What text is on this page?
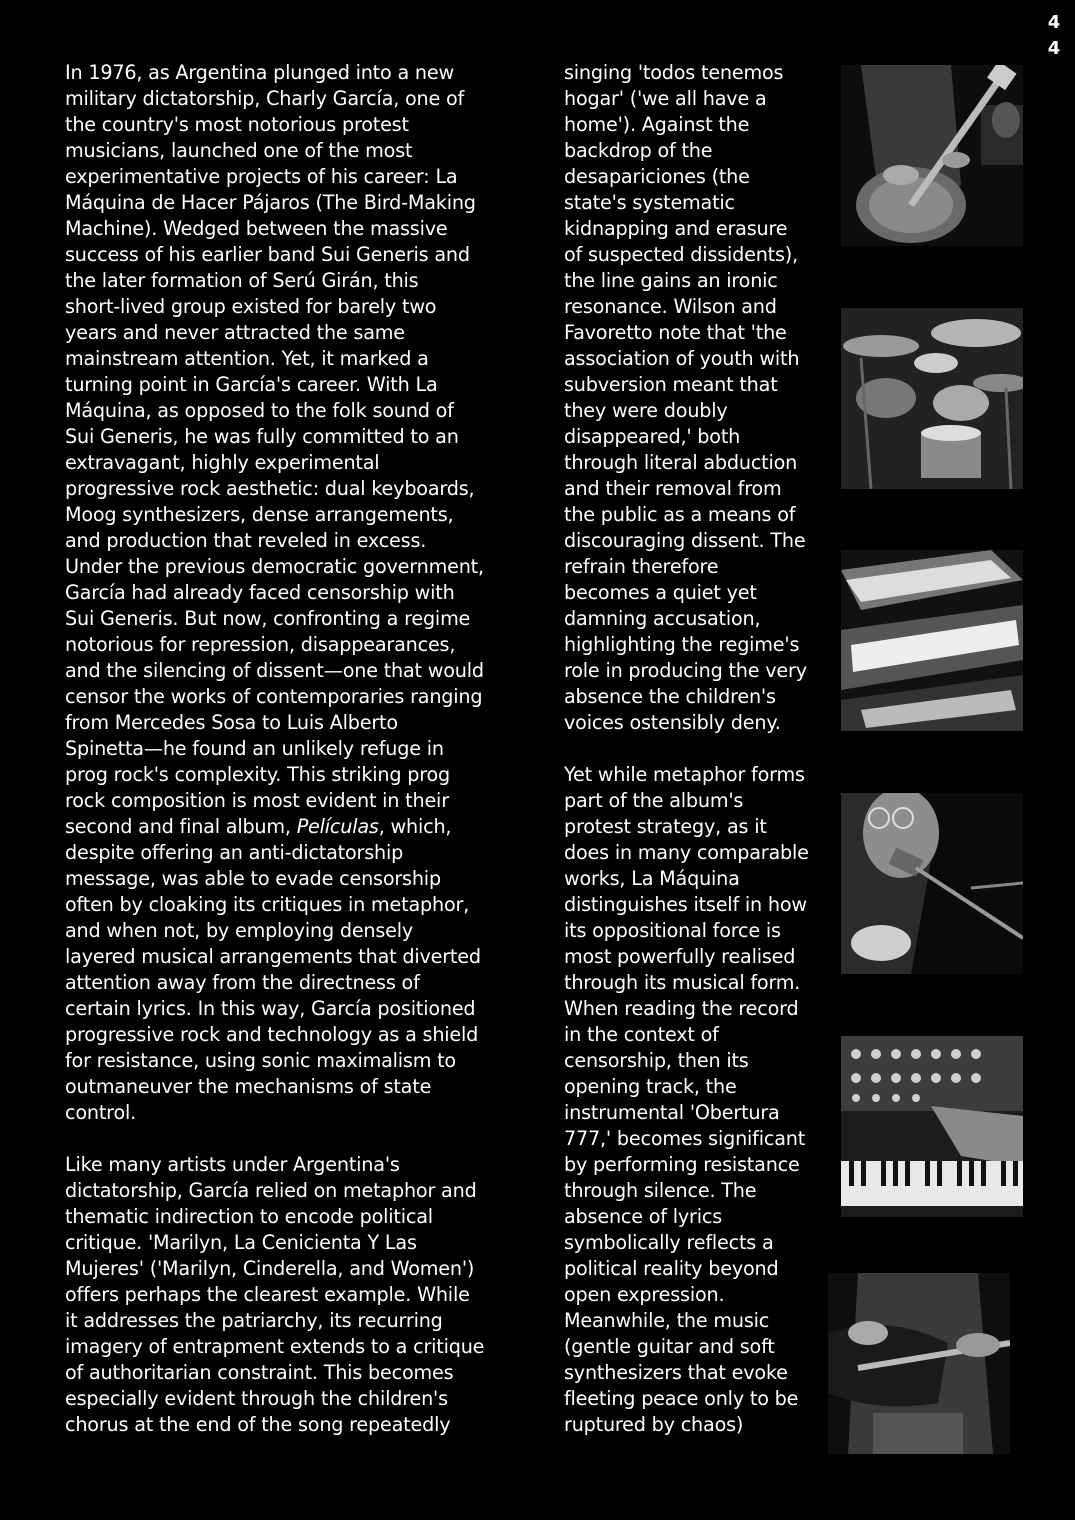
44

In 1976, as Argentina plunged into a new
military dictatorship, Charly García, one of
the country's most notorious protest
musicians, launched one of the most
experimentative projects of his career: La
Máquina de Hacer Pájaros (The Bird-Making
Machine). Wedged between the massive
success of his earlier band Sui Generis and
the later formation of Serú Girán, this
short-lived group existed for barely two
years and never attracted the same
mainstream attention. Yet, it marked a
turning point in García's career. With La
Máquina, as opposed to the folk sound of
Sui Generis, he was fully committed to an
extravagant, highly experimental
progressive rock aesthetic: dual keyboards,
Moog synthesizers, dense arrangements,
and production that reveled in excess.
Under the previous democratic government,
García had already faced censorship with
Sui Generis. But now, confronting a regime
notorious for repression, disappearances,
and the silencing of dissent—one that would
censor the works of contemporaries ranging
from Mercedes Sosa to Luis Alberto
Spinetta—he found an unlikely refuge in
prog rock's complexity. This striking prog
rock composition is most evident in their
second and final album, Películas, which,
despite offering an anti-dictatorship
message, was able to evade censorship
often by cloaking its critiques in metaphor,
and when not, by employing densely
layered musical arrangements that diverted
attention away from the directness of
certain lyrics. In this way, García positioned
progressive rock and technology as a shield
for resistance, using sonic maximalism to
outmaneuver the mechanisms of state
control.

Like many artists under Argentina's
dictatorship, García relied on metaphor and
thematic indirection to encode political
critique. 'Marilyn, La Cenicienta Y Las
Mujeres' ('Marilyn, Cinderella, and Women')
offers perhaps the clearest example. While
it addresses the patriarchy, its recurring
imagery of entrapment extends to a critique
of authoritarian constraint. This becomes
especially evident through the children's
chorus at the end of the song repeatedly

singing 'todos tenemos
hogar' ('we all have a
home'). Against the
backdrop of the
desapariciones (the
state's systematic
kidnapping and erasure
of suspected dissidents),
the line gains an ironic
resonance. Wilson and
Favoretto note that 'the
association of youth with
subversion meant that
they were doubly
disappeared,' both
through literal abduction
and their removal from
the public as a means of
discouraging dissent. The
refrain therefore
becomes a quiet yet
damning accusation,
highlighting the regime's
role in producing the very
absence the children's
voices ostensibly deny.

Yet while metaphor forms
part of the album's
protest strategy, as it
does in many comparable
works, La Máquina
distinguishes itself in how
its oppositional force is
most powerfully realised
through its musical form.
When reading the record
in the context of
censorship, then its
opening track, the
instrumental 'Obertura
777,' becomes significant
by performing resistance
through silence. The
absence of lyrics
symbolically reflects a
political reality beyond
open expression.
Meanwhile, the music
(gentle guitar and soft
synthesizers that evoke
fleeting peace only to be
ruptured by chaos)
